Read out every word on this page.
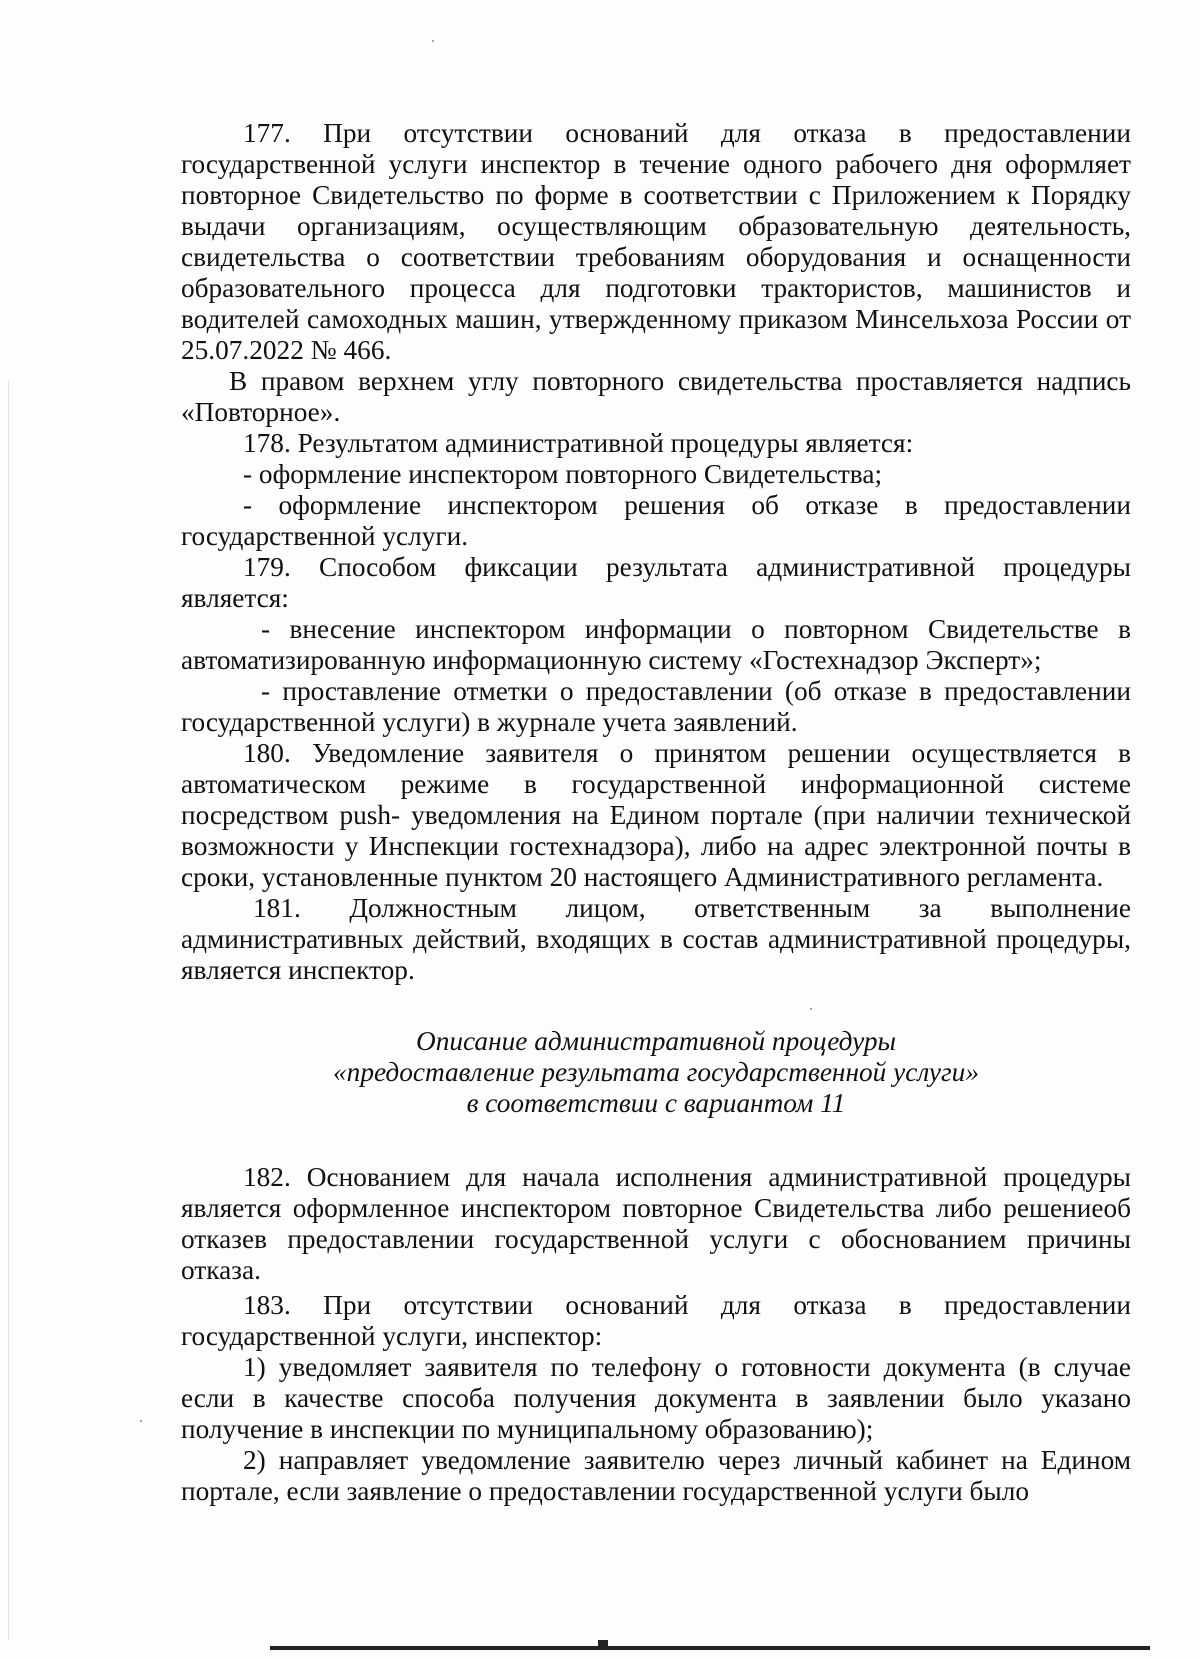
177. При отсутствии оснований для отказа в предоставлении государственной услуги инспектор в течение одного рабочего дня оформляет повторное Свидетельство по форме в соответствии с Приложением к Порядку выдачи организациям, осуществляющим образовательную деятельность, свидетельства о соответствии требованиям оборудования и оснащенности образовательного процесса для подготовки трактористов, машинистов и водителей самоходных машин, утвержденному приказом Минсельхоза России от 25.07.2022 № 466.

В правом верхнем углу повторного свидетельства проставляется надпись «Повторное».

178. Результатом административной процедуры является:

- оформление инспектором повторного Свидетельства;

- оформление инспектором решения об отказе в предоставлении государственной услуги.

179. Способом фиксации результата административной процедуры является:

- внесение инспектором информации о повторном Свидетельстве в автоматизированную информационную систему «Гостехнадзор Эксперт»;

- проставление отметки о предоставлении (об отказе в предоставлении государственной услуги) в журнале учета заявлений.

180. Уведомление заявителя о принятом решении осуществляется в автоматическом режиме в государственной информационной системе посредством push- уведомления на Едином портале (при наличии технической возможности у Инспекции гостехнадзора), либо на адрес электронной почты в сроки, установленные пунктом 20 настоящего Административного регламента.

181. Должностным лицом, ответственным за выполнение административных действий, входящих в состав административной процедуры, является инспектор.

Описание административной процедуры
«предоставление результата государственной услуги»
в соответствии с вариантом 11

182. Основанием для начала исполнения административной процедуры является оформленное инспектором повторное Свидетельства либо решениеоб отказев предоставлении государственной услуги с обоснованием причины отказа.

183. При отсутствии оснований для отказа в предоставлении государственной услуги, инспектор:

1) уведомляет заявителя по телефону о готовности документа (в случае если в качестве способа получения документа в заявлении было указано получение в инспекции по муниципальному образованию);

2) направляет уведомление заявителю через личный кабинет на Едином портале, если заявление о предоставлении государственной услуги было
